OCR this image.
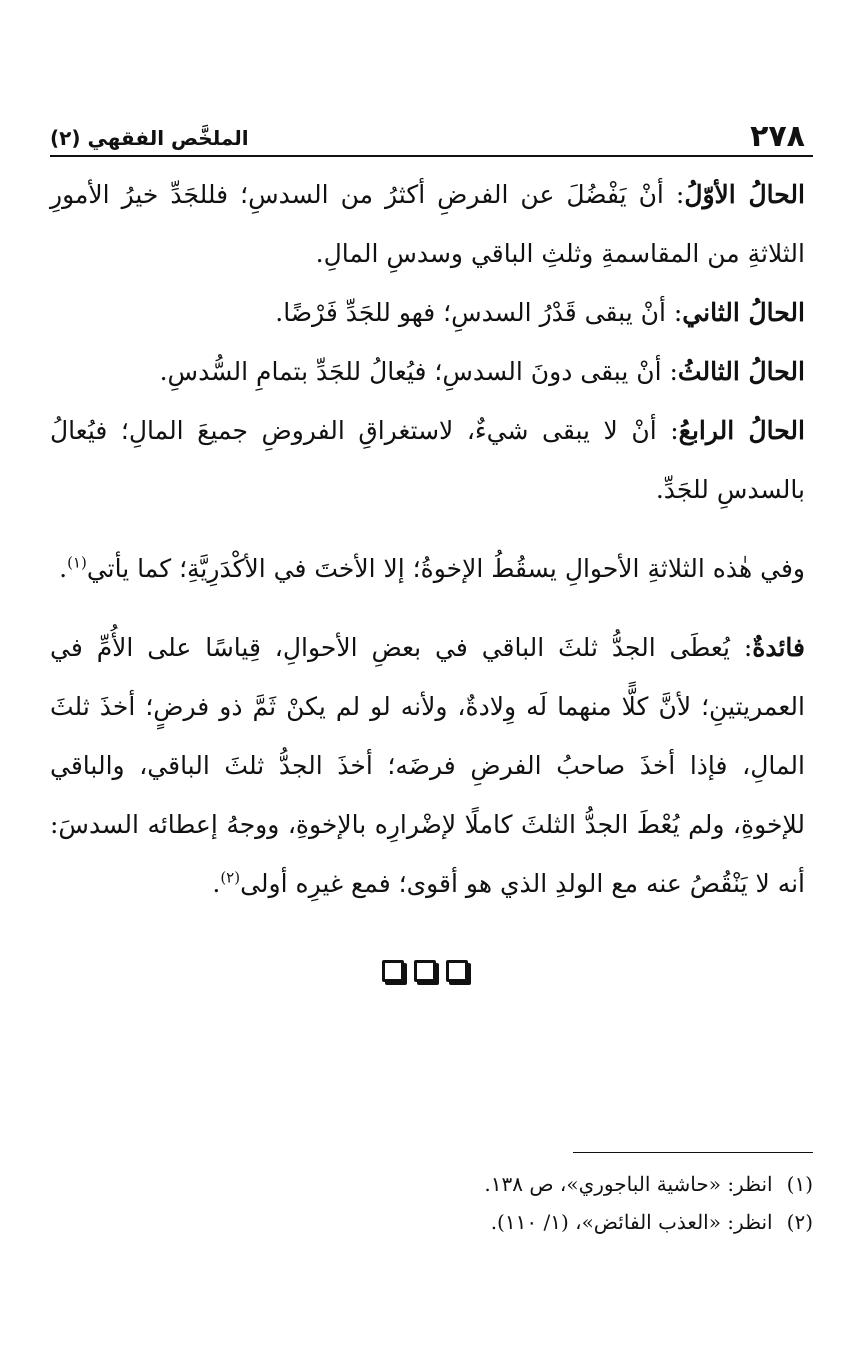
٢٧٨
الملخَّص الفقهي (٢)

الحالُ الأوّلُ: أنْ يَفْضُلَ عن الفرضِ أكثرُ من السدسِ؛ فللجَدِّ خيرُ الأمورِ الثلاثةِ من المقاسمةِ وثلثِ الباقي وسدسِ المالِ.

الحالُ الثاني: أنْ يبقى قَدْرُ السدسِ؛ فهو للجَدِّ فَرْضًا.

الحالُ الثالثُ: أنْ يبقى دونَ السدسِ؛ فيُعالُ للجَدِّ بتمامِ السُّدسِ.

الحالُ الرابعُ: أنْ لا يبقى شيءٌ، لاستغراقِ الفروضِ جميعَ المالِ؛ فيُعالُ بالسدسِ للجَدِّ.

وفي هٰذه الثلاثةِ الأحوالِ يسقُطُ الإخوةُ؛ إلا الأختَ في الأكْدَرِيَّةِ؛ كما يأتي$^{(١)}$.

فائدةٌ: يُعطَى الجدُّ ثلثَ الباقي في بعضِ الأحوالِ، قِياسًا على الأُمِّ في العمريتينِ؛ لأنَّ كلًّا منهما لَه وِلادةٌ، ولأنه لو لم يكنْ ثَمَّ ذو فرضٍ؛ أخذَ ثلثَ المالِ، فإذا أخذَ صاحبُ الفرضِ فرضَه؛ أخذَ الجدُّ ثلثَ الباقي، والباقي للإخوةِ، ولم يُعْطَ الجدُّ الثلثَ كاملًا لإضْرارِه بالإخوةِ، ووجهُ إعطائه السدسَ: أنه لا يَنْقُصُ عنه مع الولدِ الذي هو أقوى؛ فمع غيرِه أولى$^{(٢)}$.

(١)انظر: «حاشية الباجوري»، ص ١٣٨.

(٢)انظر: «العذب الفائض»، (١/ ١١٠).
